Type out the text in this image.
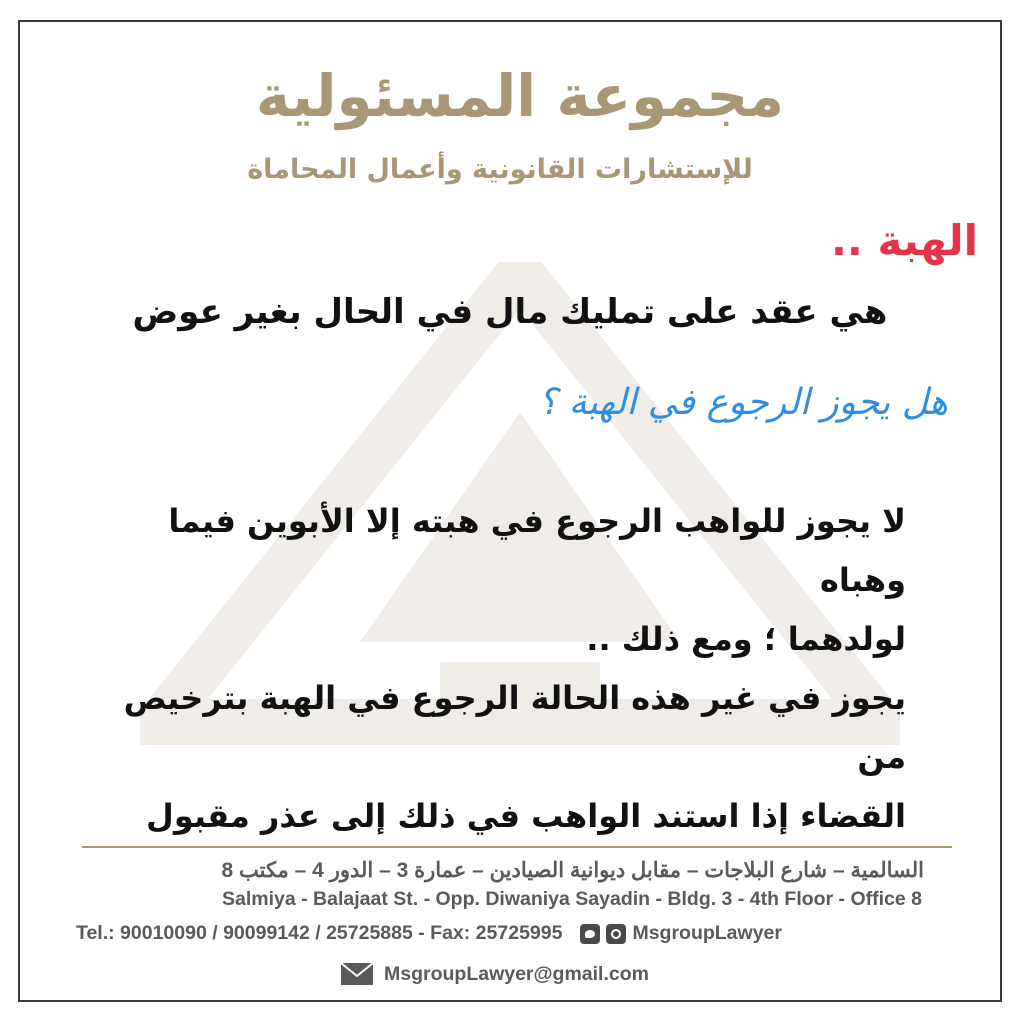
مجموعة المسئولية
للإستشارات القانونية وأعمال المحاماة
الهبة ..
هي عقد على تمليك مال في الحال بغير عوض
هل يجوز الرجوع في الهبة ؟

لا يجوز للواهب الرجوع في هبته إلا الأبوين فيما وهباه

لولدهما ؛ ومع ذلك ..

يجوز في غير هذه الحالة الرجوع في الهبة بترخيص من

القضاء إذا استند الواهب في ذلك إلى عذر مقبول

السالمية – شارع البلاجات – مقابل ديوانية الصيادين – عمارة 3 – الدور 4 – مكتب 8
Salmiya - Balajaat St. - Opp. Diwaniya Sayadin - Bldg. 3 - 4th Floor - Office 8
Tel.: 90010090 / 90099142 / 25725885 - Fax: 25725995	MsgroupLawyer
MsgroupLawyer@gmail.com
